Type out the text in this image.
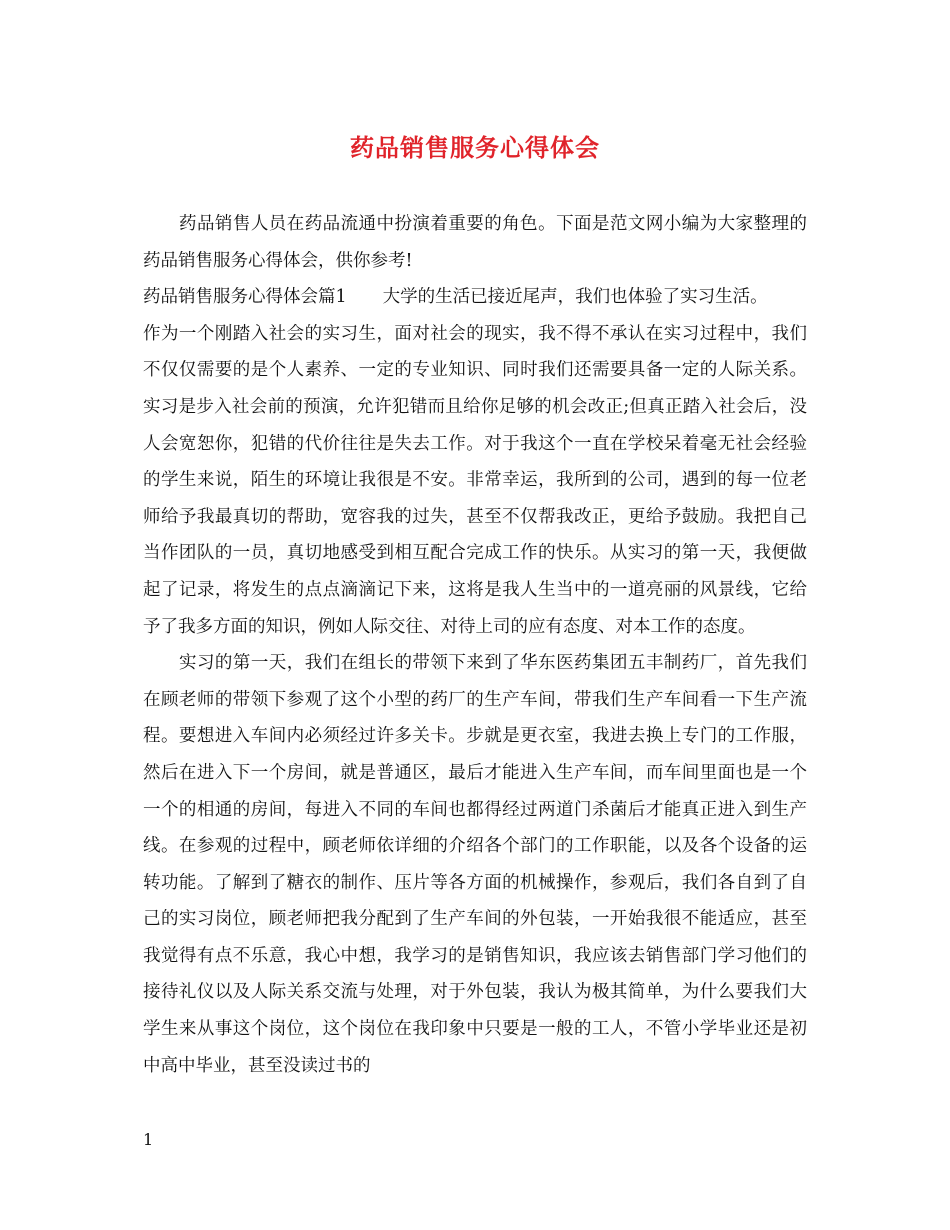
药品销售服务心得体会

药品销售人员在药品流通中扮演着重要的角色。下面是范文网小编为大家整理的药品销售服务心得体会，供你参考!

药品销售服务心得体会篇1 大学的生活已接近尾声，我们也体验了实习生活。

作为一个刚踏入社会的实习生，面对社会的现实，我不得不承认在实习过程中，我们不仅仅需要的是个人素养、一定的专业知识、同时我们还需要具备一定的人际关系。实习是步入社会前的预演，允许犯错而且给你足够的机会改正;但真正踏入社会后，没人会宽恕你，犯错的代价往往是失去工作。对于我这个一直在学校呆着毫无社会经验的学生来说，陌生的环境让我很是不安。非常幸运，我所到的公司，遇到的每一位老师给予我最真切的帮助，宽容我的过失，甚至不仅帮我改正，更给予鼓励。我把自己当作团队的一员，真切地感受到相互配合完成工作的快乐。从实习的第一天，我便做起了记录，将发生的点点滴滴记下来，这将是我人生当中的一道亮丽的风景线，它给予了我多方面的知识，例如人际交往、对待上司的应有态度、对本工作的态度。

实习的第一天，我们在组长的带领下来到了华东医药集团五丰制药厂，首先我们在顾老师的带领下参观了这个小型的药厂的生产车间，带我们生产车间看一下生产流程。要想进入车间内必须经过许多关卡。步就是更衣室，我进去换上专门的工作服，然后在进入下一个房间，就是普通区，最后才能进入生产车间，而车间里面也是一个一个的相通的房间，每进入不同的车间也都得经过两道门杀菌后才能真正进入到生产线。在参观的过程中，顾老师依详细的介绍各个部门的工作职能，以及各个设备的运转功能。了解到了糖衣的制作、压片等各方面的机械操作，参观后，我们各自到了自己的实习岗位，顾老师把我分配到了生产车间的外包装，一开始我很不能适应，甚至我觉得有点不乐意，我心中想，我学习的是销售知识，我应该去销售部门学习他们的接待礼仪以及人际关系交流与处理，对于外包装，我认为极其简单，为什么要我们大学生来从事这个岗位，这个岗位在我印象中只要是一般的工人，不管小学毕业还是初中高中毕业，甚至没读过书的

1
